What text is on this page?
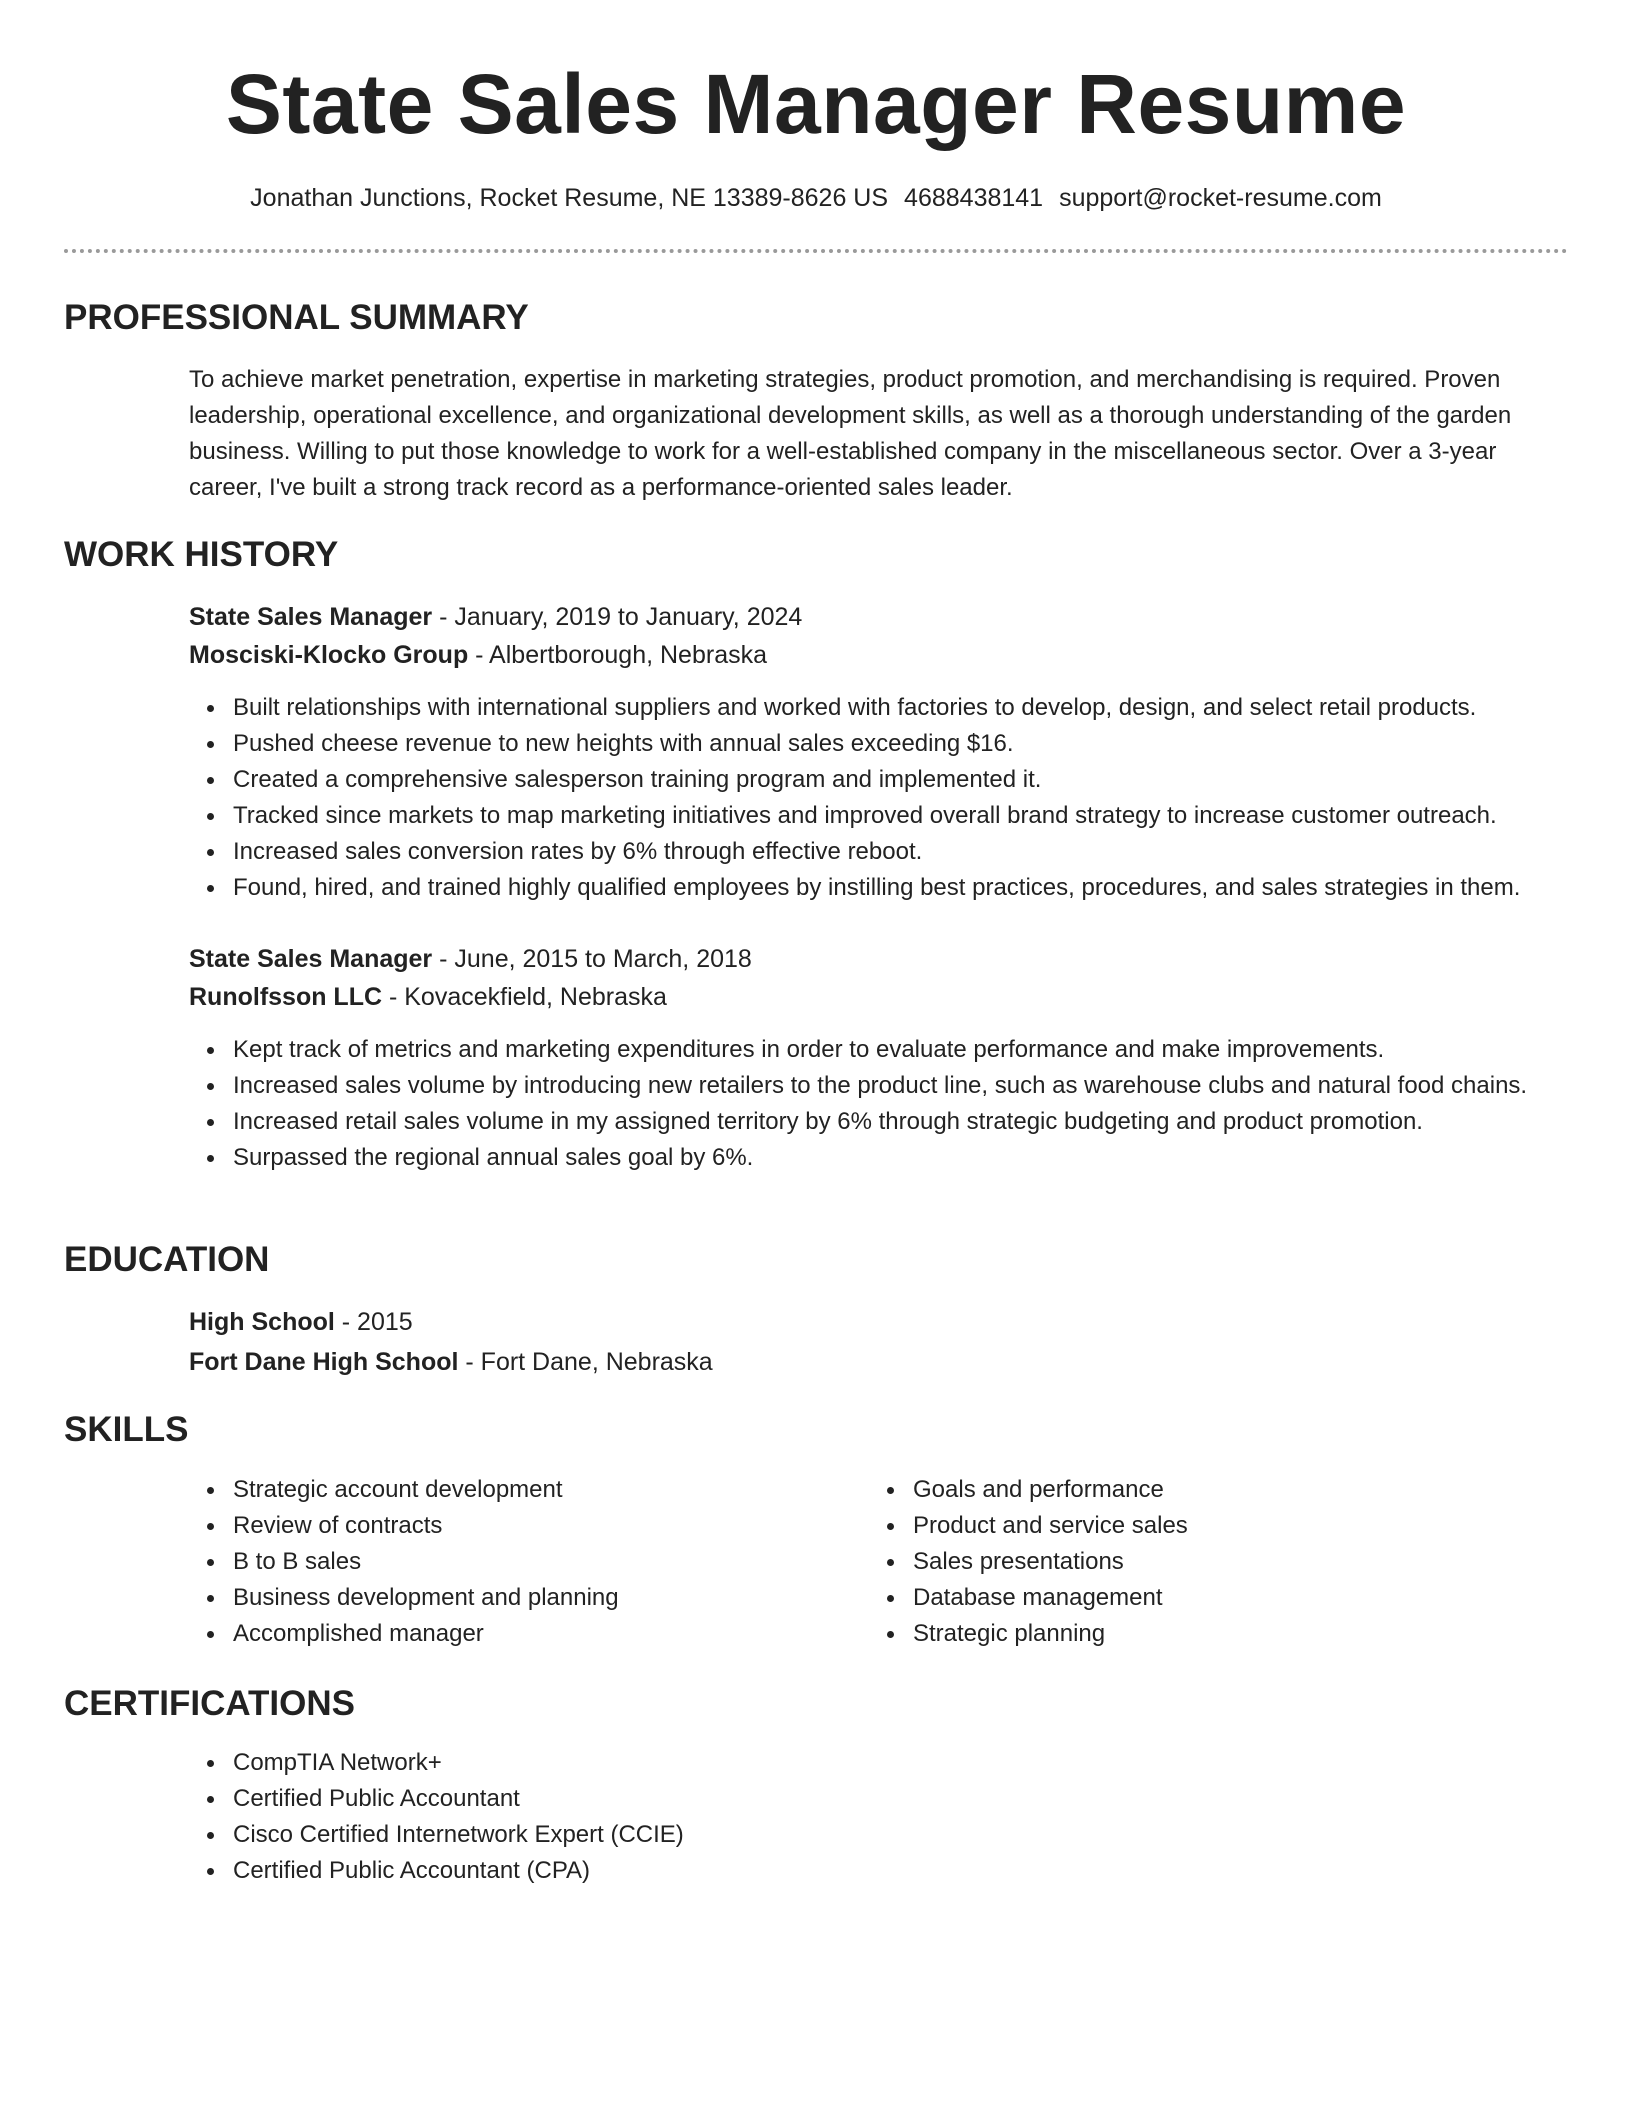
State Sales Manager Resume
Jonathan Junctions, Rocket Resume, NE 13389-8626 US 4688438141 support@rocket-resume.com
PROFESSIONAL SUMMARY

To achieve market penetration, expertise in marketing strategies, product promotion, and merchandising is required. Proven leadership, operational excellence, and organizational development skills, as well as a thorough understanding of the garden business. Willing to put those knowledge to work for a well-established company in the miscellaneous sector. Over a 3-year career, I've built a strong track record as a performance-oriented sales leader.

WORK HISTORY

State Sales Manager - January, 2019 to January, 2024

Mosciski-Klocko Group - Albertborough, Nebraska

Built relationships with international suppliers and worked with factories to develop, design, and select retail products.
Pushed cheese revenue to new heights with annual sales exceeding $16.
Created a comprehensive salesperson training program and implemented it.
Tracked since markets to map marketing initiatives and improved overall brand strategy to increase customer outreach.
Increased sales conversion rates by 6% through effective reboot.
Found, hired, and trained highly qualified employees by instilling best practices, procedures, and sales strategies in them.

State Sales Manager - June, 2015 to March, 2018

Runolfsson LLC - Kovacekfield, Nebraska

Kept track of metrics and marketing expenditures in order to evaluate performance and make improvements.
Increased sales volume by introducing new retailers to the product line, such as warehouse clubs and natural food chains.
Increased retail sales volume in my assigned territory by 6% through strategic budgeting and product promotion.
Surpassed the regional annual sales goal by 6%.
EDUCATION

High School - 2015

Fort Dane High School - Fort Dane, Nebraska

SKILLS
Strategic account development
Review of contracts
B to B sales
Business development and planning
Accomplished manager
Goals and performance
Product and service sales
Sales presentations
Database management
Strategic planning
CERTIFICATIONS
CompTIA Network+
Certified Public Accountant
Cisco Certified Internetwork Expert (CCIE)
Certified Public Accountant (CPA)
